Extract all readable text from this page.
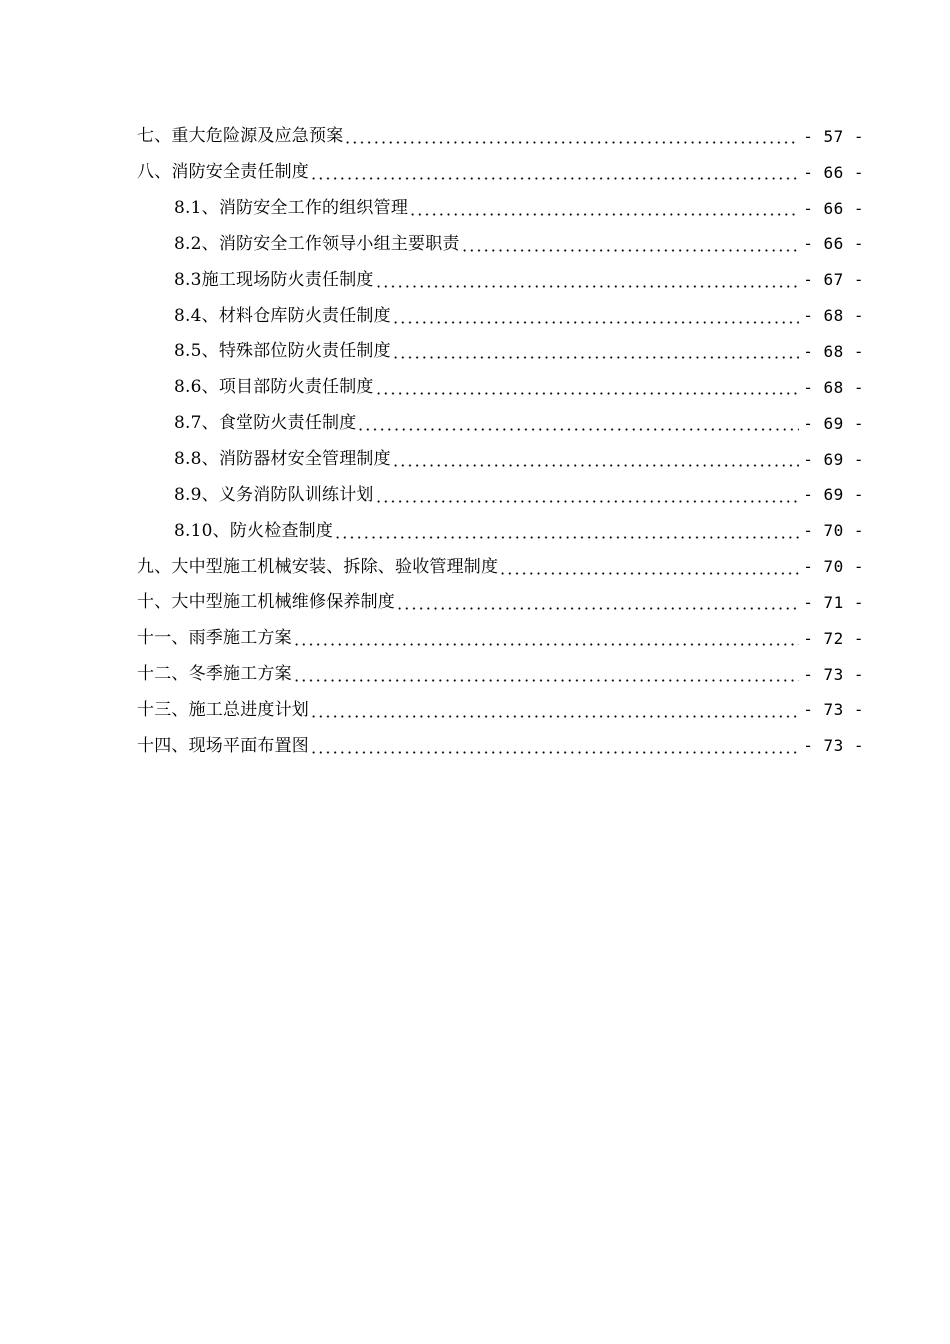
七、重大危险源及应急预案	- 57 -
八、消防安全责任制度	- 66 -
8.1、消防安全工作的组织管理	- 66 -
8.2、消防安全工作领导小组主要职责	- 66 -
8.3施工现场防火责任制度	- 67 -
8.4、材料仓库防火责任制度	- 68 -
8.5、特殊部位防火责任制度	- 68 -
8.6、项目部防火责任制度	- 68 -
8.7、食堂防火责任制度	- 69 -
8.8、消防器材安全管理制度	- 69 -
8.9、义务消防队训练计划	- 69 -
8.10、防火检查制度	- 70 -
九、大中型施工机械安装、拆除、验收管理制度	- 70 -
十、大中型施工机械维修保养制度	- 71 -
十一、雨季施工方案	- 72 -
十二、冬季施工方案	- 73 -
十三、施工总进度计划	- 73 -
十四、现场平面布置图	- 73 -
